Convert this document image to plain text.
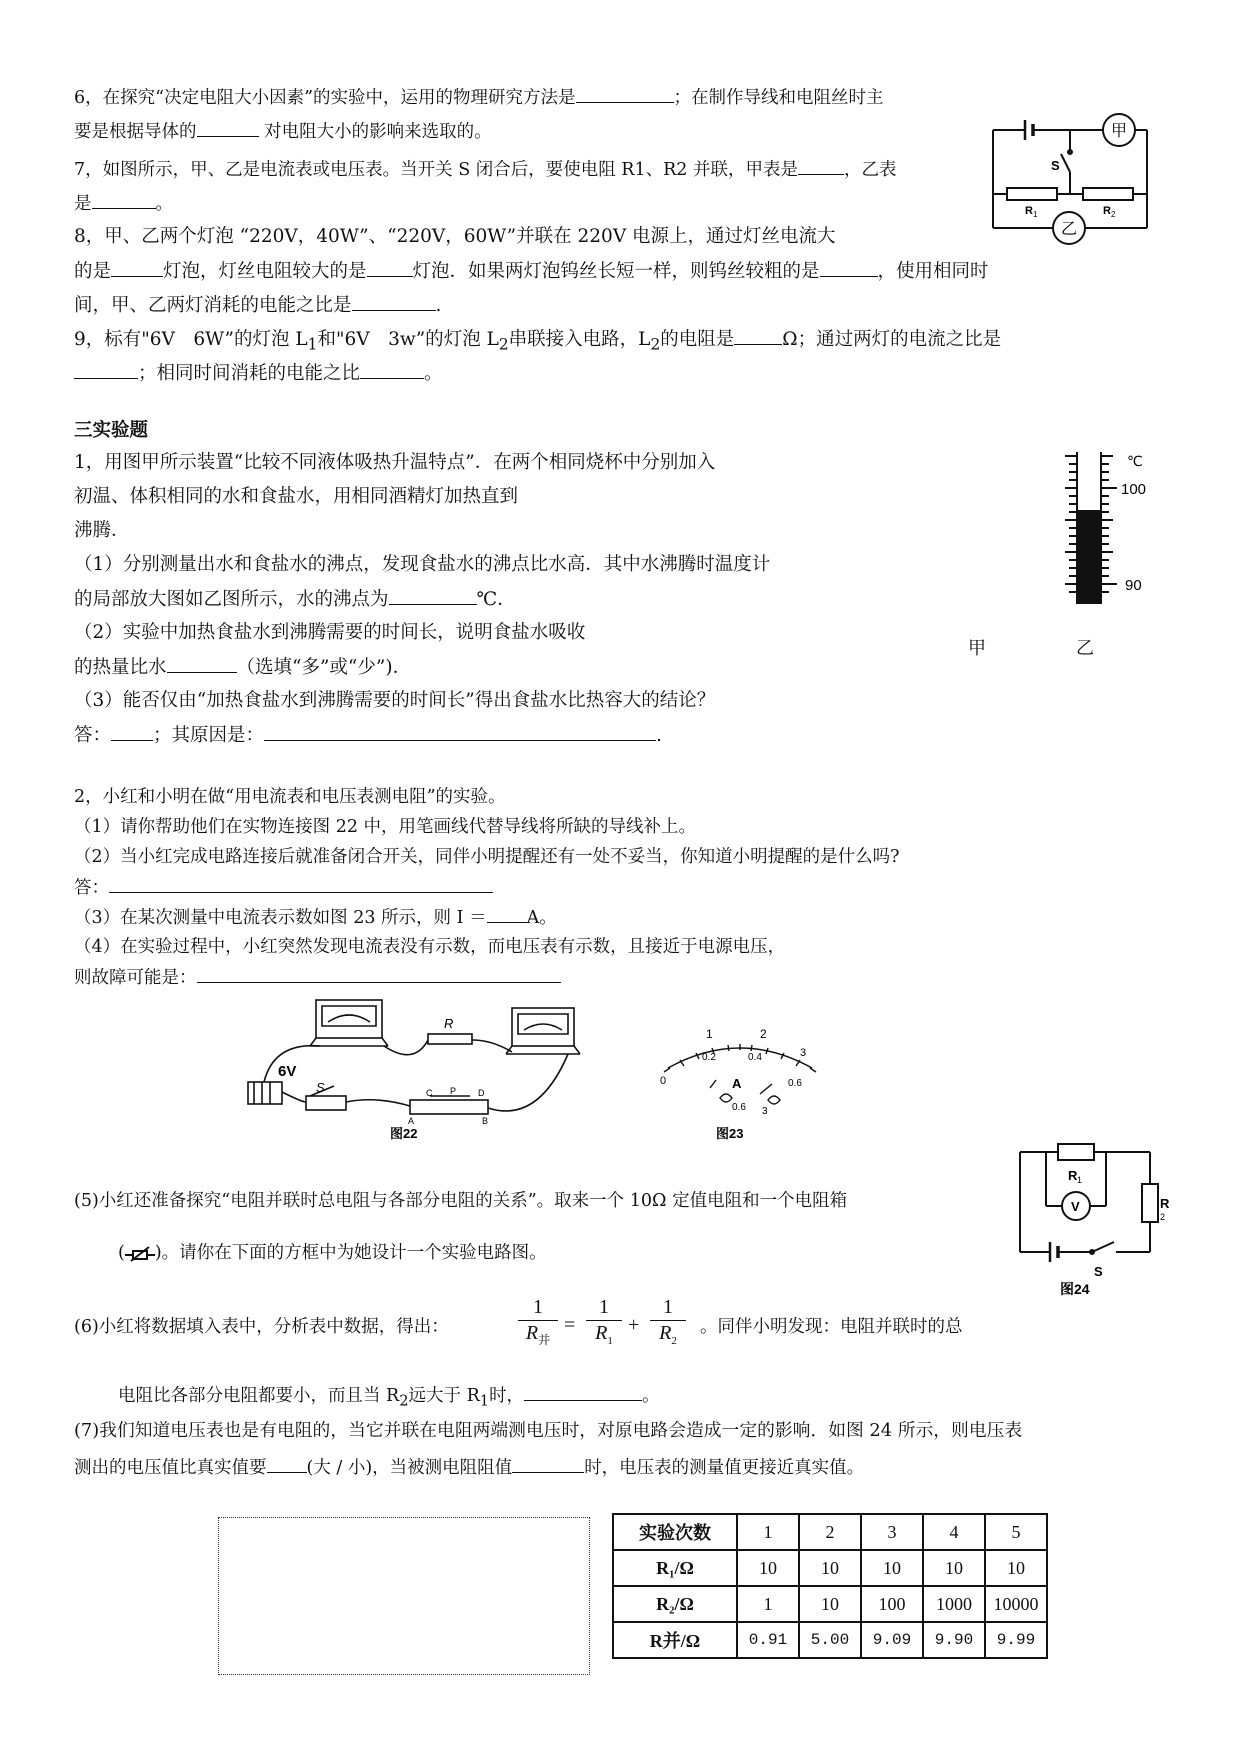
6，在探究“决定电阻大小因素”的实验中，运用的物理研究方法是	；在制作导线和电阻丝时主
要是根据导体的	对电阻大小的影响来选取的。
7，如图所示，甲、乙是电流表或电压表。当开关 S 闭合后，要使电阻 R1、R2 并联，甲表是	，乙表
是	。
8，甲、乙两个灯泡 “220V，40W”、“220V，60W”并联在 220V 电源上，通过灯丝电流大
的是	灯泡，灯丝电阻较大的是 灯泡．如果两灯泡钨丝长短一样，则钨丝较粗的是	，使用相同时
间，甲、乙两灯消耗的电能之比是	.
9，标有"6V　6W”的灯泡 $L_1$和"6V　3w”的灯泡 $L_2$串联接入电路，$L_2$的电阻是	Ω；通过两灯的电流之比是
；相同时间消耗的电能之比	。
甲
乙
S
R 1	R 2
三实验题
1，用图甲所示装置“比较不同液体吸热升温特点”．在两个相同烧杯中分别加入
初温、体积相同的水和食盐水，用相同酒精灯加热直到
沸腾．
（1）分别测量出水和食盐水的沸点，发现食盐水的沸点比水高．其中水沸腾时温度计
的局部放大图如乙图所示，水的沸点为	℃．
（2）实验中加热食盐水到沸腾需要的时间长，说明食盐水吸收
的热量比水	（选填“多”或“少”)．
（3）能否仅由“加热食盐水到沸腾需要的时间长”得出食盐水比热容大的结论？
答： ；其原因是：	.
℃
100
90
甲	乙
2，小红和小明在做“用电流表和电压表测电阻”的实验。
（1）请你帮助他们在实物连接图 22 中，用笔画线代替导线将所缺的导线补上。
（2）当小红完成电路连接后就准备闭合开关，同伴小明提醒还有一处不妥当，你知道小明提醒的是什么吗?
答：
（3）在某次测量中电流表示数如图 23 所示，则 I ＝ A。
（4）在实验过程中，小红突然发现电流表没有示数，而电压表有示数，且接近于电源电压，
则故障可能是：
6V
R
S	C P D
A	B
图22
0
1	2
3
0.2	0.4
0.6
A
0.6 3
图23
R 1
V	R
2
S
图24
(5)小红还准备探究“电阻并联时总电阻与各部分电阻的关系”。取来一个 10Ω 定值电阻和一个电阻箱
( )。请你在下面的方框中为她设计一个实验电路图。
(6)小红将数据填入表中，分析表中数据，得出：
1
$R_并$
=
1
$R_1$
+
1
$R_2$
。同伴小明发现：电阻并联时的总
电阻比各部分电阻都要小，而且当 $R_2$远大于 $R_1$时，	。
(7)我们知道电压表也是有电阻的，当它并联在电阻两端测电压时，对原电路会造成一定的影响．如图 24 所示，则电压表
测出的电压值比真实值要 (大 / 小)，当被测电阻阻值	时，电压表的测量值更接近真实值。
实验次数	1	2	3	4	5
R₁/Ω	10	10	10	10	10
R₂/Ω	1	10	100	1000	10000
R并/Ω	0.91	5.00	9.09	9.90	9.99
